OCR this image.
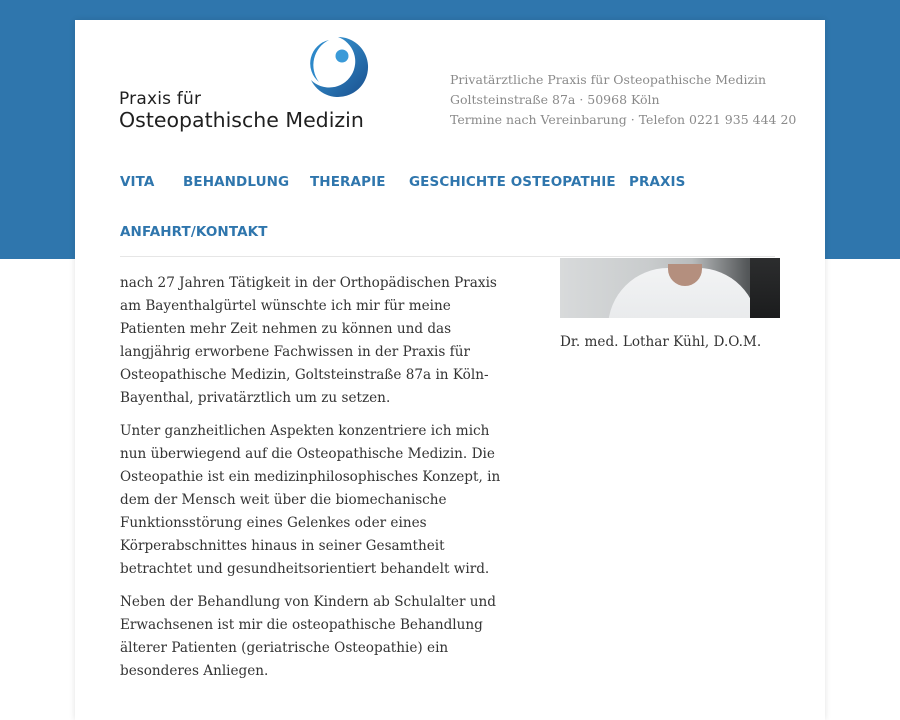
Praxis für
Osteopathische Medizin
Privatärztliche Praxis für Osteopathische Medizin
Goltsteinstraße 87a · 50968 Köln
Termine nach Vereinbarung · Telefon 0221 935 444 20
VITA BEHANDLUNG THERAPIE GESCHICHTE OSTEOPATHIE PRAXIS
ANFAHRT/KONTAKT

nach 27 Jahren Tätigkeit in der Orthopädischen Praxis am Bayenthalgürtel wünschte ich mir für meine Patienten mehr Zeit nehmen zu können und das langjährig erworbene Fachwissen in der Praxis für Osteopathische Medizin, Goltsteinstraße 87a in Köln-Bayenthal, privatärztlich um zu setzen.

Unter ganzheitlichen Aspekten konzentriere ich mich nun überwiegend auf die Osteopathische Medizin. Die Osteopathie ist ein medizinphilosophisches Konzept, in dem der Mensch weit über die biomechanische Funktionsstörung eines Gelenkes oder eines Körperabschnittes hinaus in seiner Gesamtheit betrachtet und gesundheitsorientiert behandelt wird.

Neben der Behandlung von Kindern ab Schulalter und Erwachsenen ist mir die osteopathische Behandlung älterer Patienten (geriatrische Osteopathie) ein besonderes Anliegen.

Dr. med. Lothar Kühl, D.O.M.
